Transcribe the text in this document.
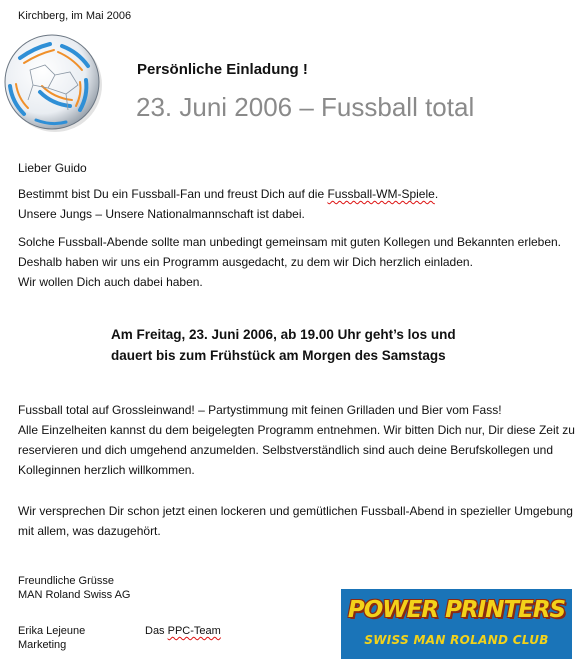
Kirchberg, im Mai 2006
Persönliche Einladung !
23. Juni 2006 – Fussball total
Lieber Guido
Bestimmt bist Du ein Fussball-Fan und freust Dich auf die Fussball-WM-Spiele.
Unsere Jungs – Unsere Nationalmannschaft ist dabei.
Solche Fussball-Abende sollte man unbedingt gemeinsam mit guten Kollegen und Bekannten erleben.
Deshalb haben wir uns ein Programm ausgedacht, zu dem wir Dich herzlich einladen.
Wir wollen Dich auch dabei haben.
Am Freitag, 23. Juni 2006, ab 19.00 Uhr geht’s los und
dauert bis zum Frühstück am Morgen des Samstags
Fussball total auf Grossleinwand! – Partystimmung mit feinen Grilladen und Bier vom Fass!
Alle Einzelheiten kannst du dem beigelegten Programm entnehmen. Wir bitten Dich nur, Dir diese Zeit zu
reservieren und dich umgehend anzumelden. Selbstverständlich sind auch deine Berufskollegen und
Kolleginnen herzlich willkommen.
Wir versprechen Dir schon jetzt einen lockeren und gemütlichen Fussball-Abend in spezieller Umgebung
mit allem, was dazugehört.
Freundliche Grüsse
MAN Roland Swiss AG
Erika Lejeune
Marketing
Das PPC-Team
POWER PRINTERS
SWISS MAN ROLAND CLUB
